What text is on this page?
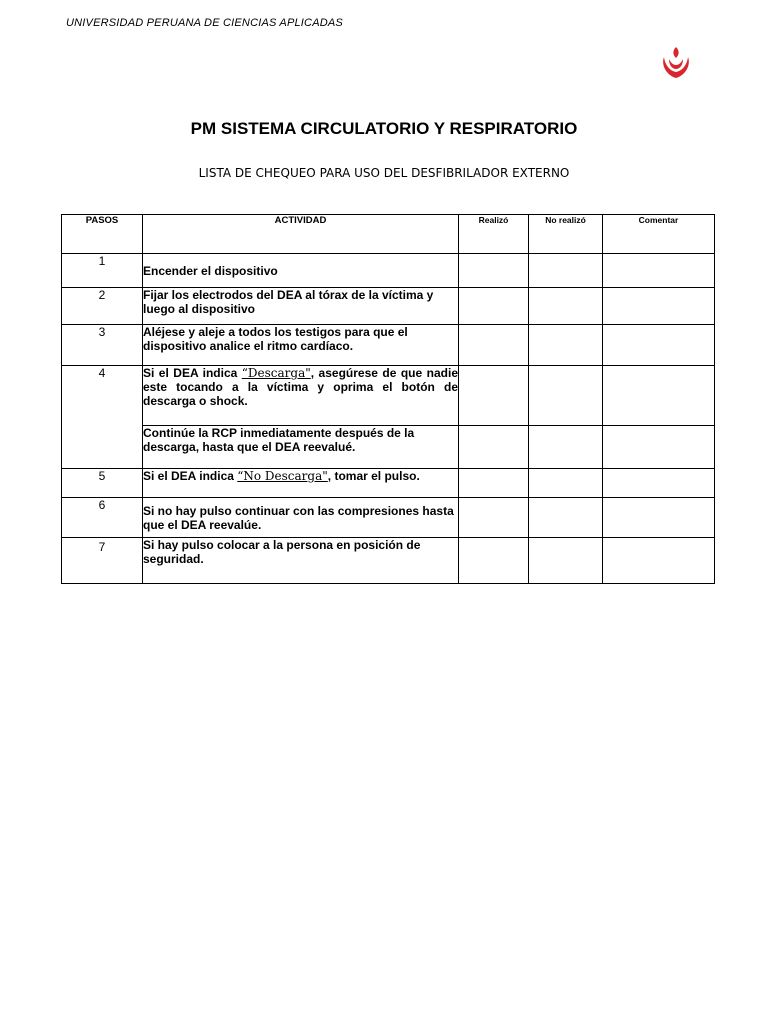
UNIVERSIDAD PERUANA DE CIENCIAS APLICADAS
PM SISTEMA CIRCULATORIO Y RESPIRATORIO
LISTA DE CHEQUEO PARA USO DEL DESFIBRILADOR EXTERNO
PASOS	ACTIVIDAD	Realizó	No realizó	Comentar
1	Encender el dispositivo			
2	Fijar los electrodos del DEA al tórax de la víctima y luego al dispositivo			
3	Aléjese y aleje a todos los testigos para que el dispositivo analice el ritmo cardíaco.			
4	Si el DEA indica “Descarga", asegúrese de que nadie este tocando a la víctima y oprima el botón de descarga o shock.			
	Continúe la RCP inmediatamente después de la descarga, hasta que el DEA reevalué.			
5	Si el DEA indica “No Descarga", tomar el pulso.			
6	Si no hay pulso continuar con las compresiones hasta que el DEA reevalúe.			
7	Si hay pulso colocar a la persona en posición de seguridad.			
